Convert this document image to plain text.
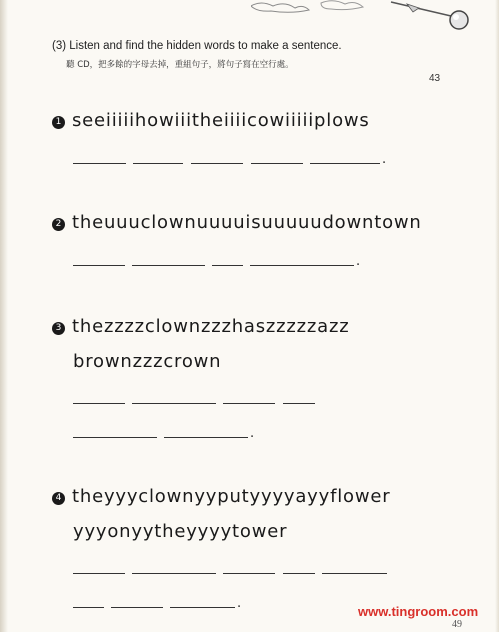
(3) Listen and find the hidden words to make a sentence.
聽 CD，把多餘的字母去掉，重組句子，將句子寫在空行處。
43
1 seeiiiiihowiiitheiiiicowiiiiiplows
.
2 theuuuclownuuuuisuuuuudowntown
.
3 thezzzzclownzzzhaszzzzzazz
brownzzzcrown
.
4 theyyyclownyyputyyyyayyflower
yyyonyytheyyyytower
.
www.tingroom.com
49
